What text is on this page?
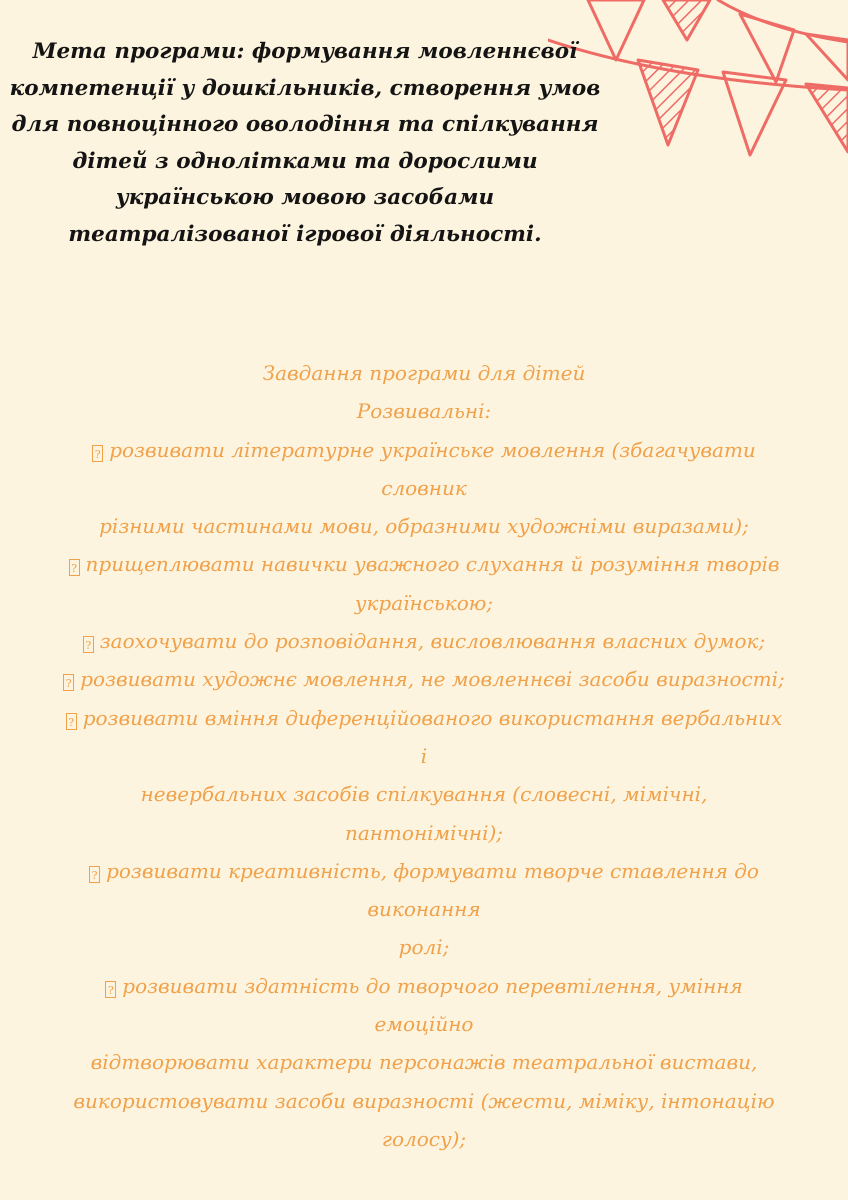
Мета програми: формування мовленнєвої
компетенції у дошкільників, створення умов
для повноцінного оволодіння та спілкування
дітей з однолітками та дорослими
українською мовою засобами
театралізованої ігрової діяльності.
Завдання програми для дітей
Розвивальні:
? розвивати літературне українське мовлення (збагачувати
словник
різними частинами мови, образними художніми виразами);
? прищеплювати навички уважного слухання й розуміння творів
українською;
? заохочувати до розповідання, висловлювання власних думок;
? розвивати художнє мовлення, не мовленнєві засоби виразності;
? розвивати вміння диференційованого використання вербальних
і
невербальних засобів спілкування (словесні, мімічні,
пантонімічні);
? розвивати креативність, формувати творче ставлення до
виконання
ролі;
? розвивати здатність до творчого перевтілення, уміння
емоційно
відтворювати характери персонажів театральної вистави,
використовувати засоби виразності (жести, міміку, інтонацію
голосу);
